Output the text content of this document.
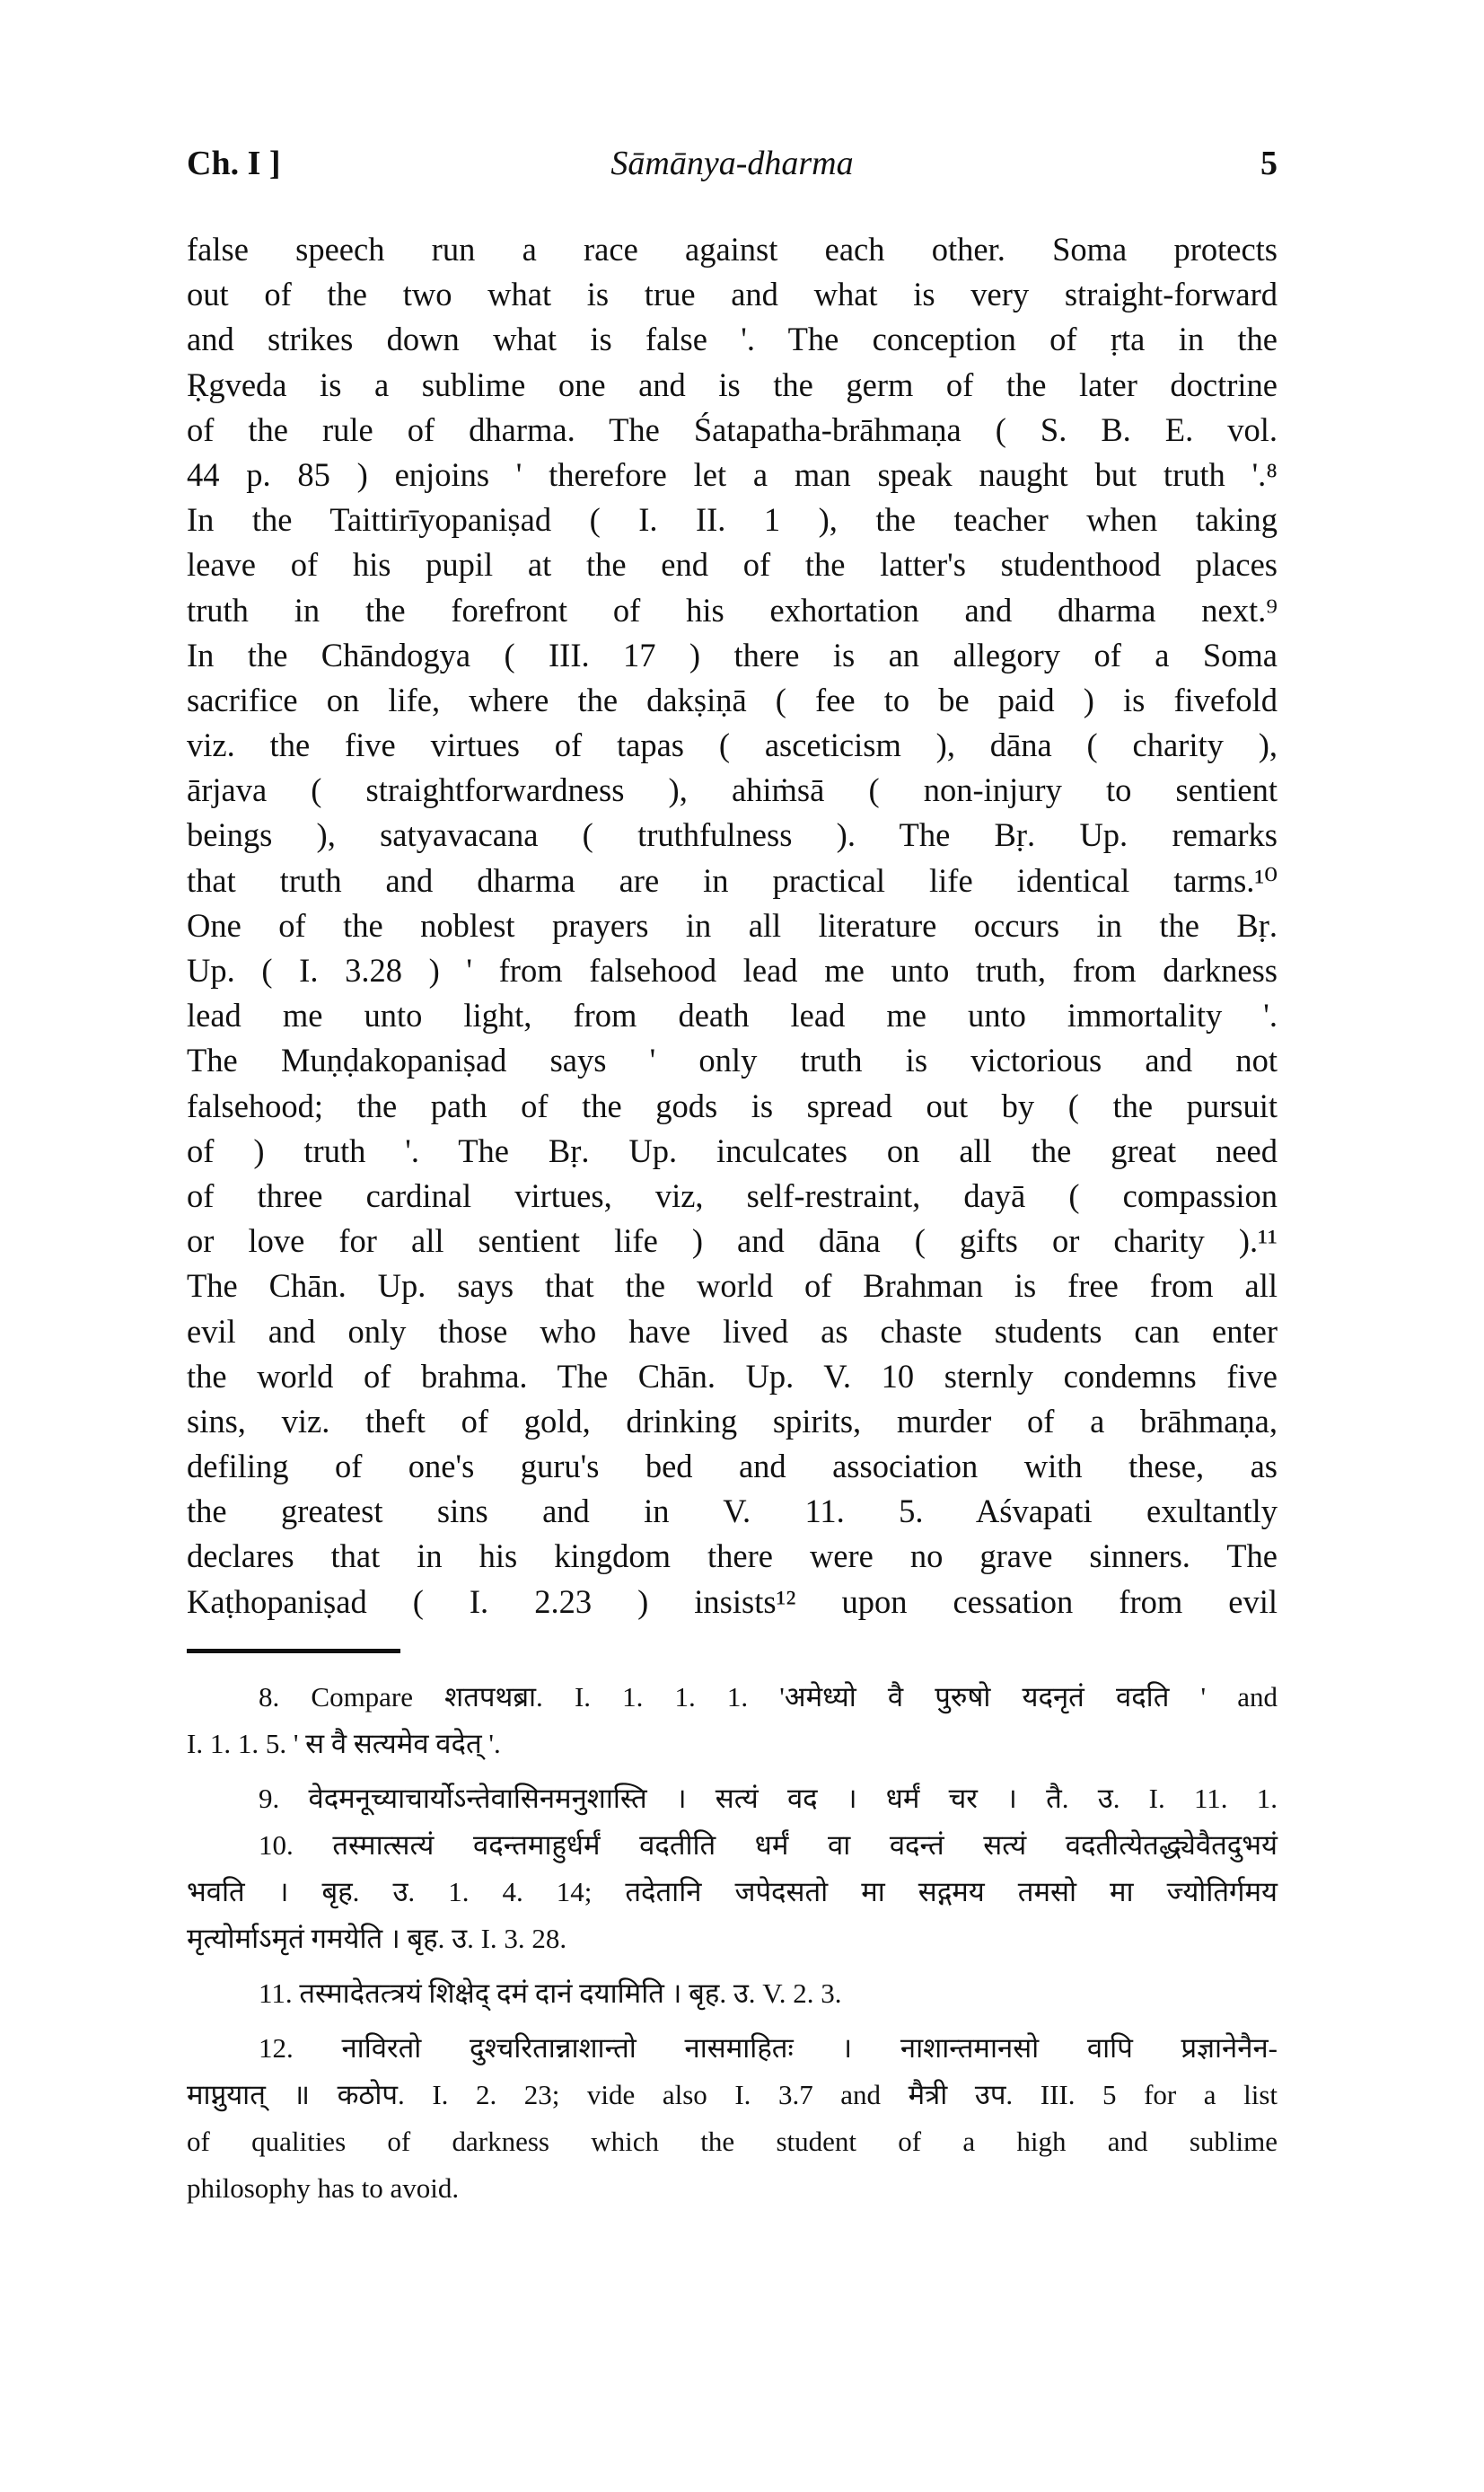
Ch. I ]	Sāmānya-dharma	5
false speech run a race against each other. Soma protects
out of the two what is true and what is very straight-forward
and strikes down what is false '. The conception of ṛta in the
Ṛgveda is a sublime one and is the germ of the later doctrine
of the rule of dharma. The Śatapatha-brāhmaṇa ( S. B. E. vol.
44 p. 85 ) enjoins ' therefore let a man speak naught but truth '.⁸
In the Taittirīyopaniṣad ( I. II. 1 ), the teacher when taking
leave of his pupil at the end of the latter's studenthood places
truth in the forefront of his exhortation and dharma next.⁹
In the Chāndogya ( III. 17 ) there is an allegory of a Soma
sacrifice on life, where the dakṣiṇā ( fee to be paid ) is fivefold
viz. the five virtues of tapas ( asceticism ), dāna ( charity ),
ārjava ( straightforwardness ), ahiṁsā ( non-injury to sentient
beings ), satyavacana ( truthfulness ). The Bṛ. Up. remarks
that truth and dharma are in practical life identical tarms.¹⁰
One of the noblest prayers in all literature occurs in the Bṛ.
Up. ( I. 3.28 ) ' from falsehood lead me unto truth, from darkness
lead me unto light, from death lead me unto immortality '.
The Muṇḍakopaniṣad says ' only truth is victorious and not
falsehood; the path of the gods is spread out by ( the pursuit
of ) truth '. The Bṛ. Up. inculcates on all the great need
of three cardinal virtues, viz, self-restraint, dayā ( compassion
or love for all sentient life ) and dāna ( gifts or charity ).¹¹
The Chān. Up. says that the world of Brahman is free from all
evil and only those who have lived as chaste students can enter
the world of brahma. The Chān. Up. V. 10 sternly condemns five
sins, viz. theft of gold, drinking spirits, murder of a brāhmaṇa,
defiling of one's guru's bed and association with these, as
the greatest sins and in V. 11. 5. Aśvapati exultantly
declares that in his kingdom there were no grave sinners. The
Kaṭhopaniṣad ( I. 2.23 ) insists¹² upon cessation from evil
8. Compare शतपथब्रा. I. 1. 1. 1. 'अमेध्यो वै पुरुषो यदनृतं वदति ' and
I. 1. 1. 5. ' स वै सत्यमेव वदेत् '.
9. वेदमनूच्याचार्योऽन्तेवासिनमनुशास्ति । सत्यं वद । धर्मं चर । तै. उ. I. 11. 1.
10. तस्मात्सत्यं वदन्तमाहुर्धर्मं वदतीति धर्मं वा वदन्तं सत्यं वदतीत्येतद्ध्येवैतदुभयं
भवति । बृह. उ. 1. 4. 14; तदेतानि जपेदसतो मा सद्गमय तमसो मा ज्योतिर्गमय
मृत्योर्माऽमृतं गमयेति । बृह. उ. I. 3. 28.
11. तस्मादेतत्त्रयं शिक्षेद् दमं दानं दयामिति । बृह. उ. V. 2. 3.
12. नाविरतो दुश्चरितान्नाशान्तो नासमाहितः । नाशान्तमानसो वापि प्रज्ञानेनैन-
माप्नुयात् ॥ कठोप. I. 2. 23; vide also I. 3.7 and मैत्री उप. III. 5 for a list
of qualities of darkness which the student of a high and sublime
philosophy has to avoid.
